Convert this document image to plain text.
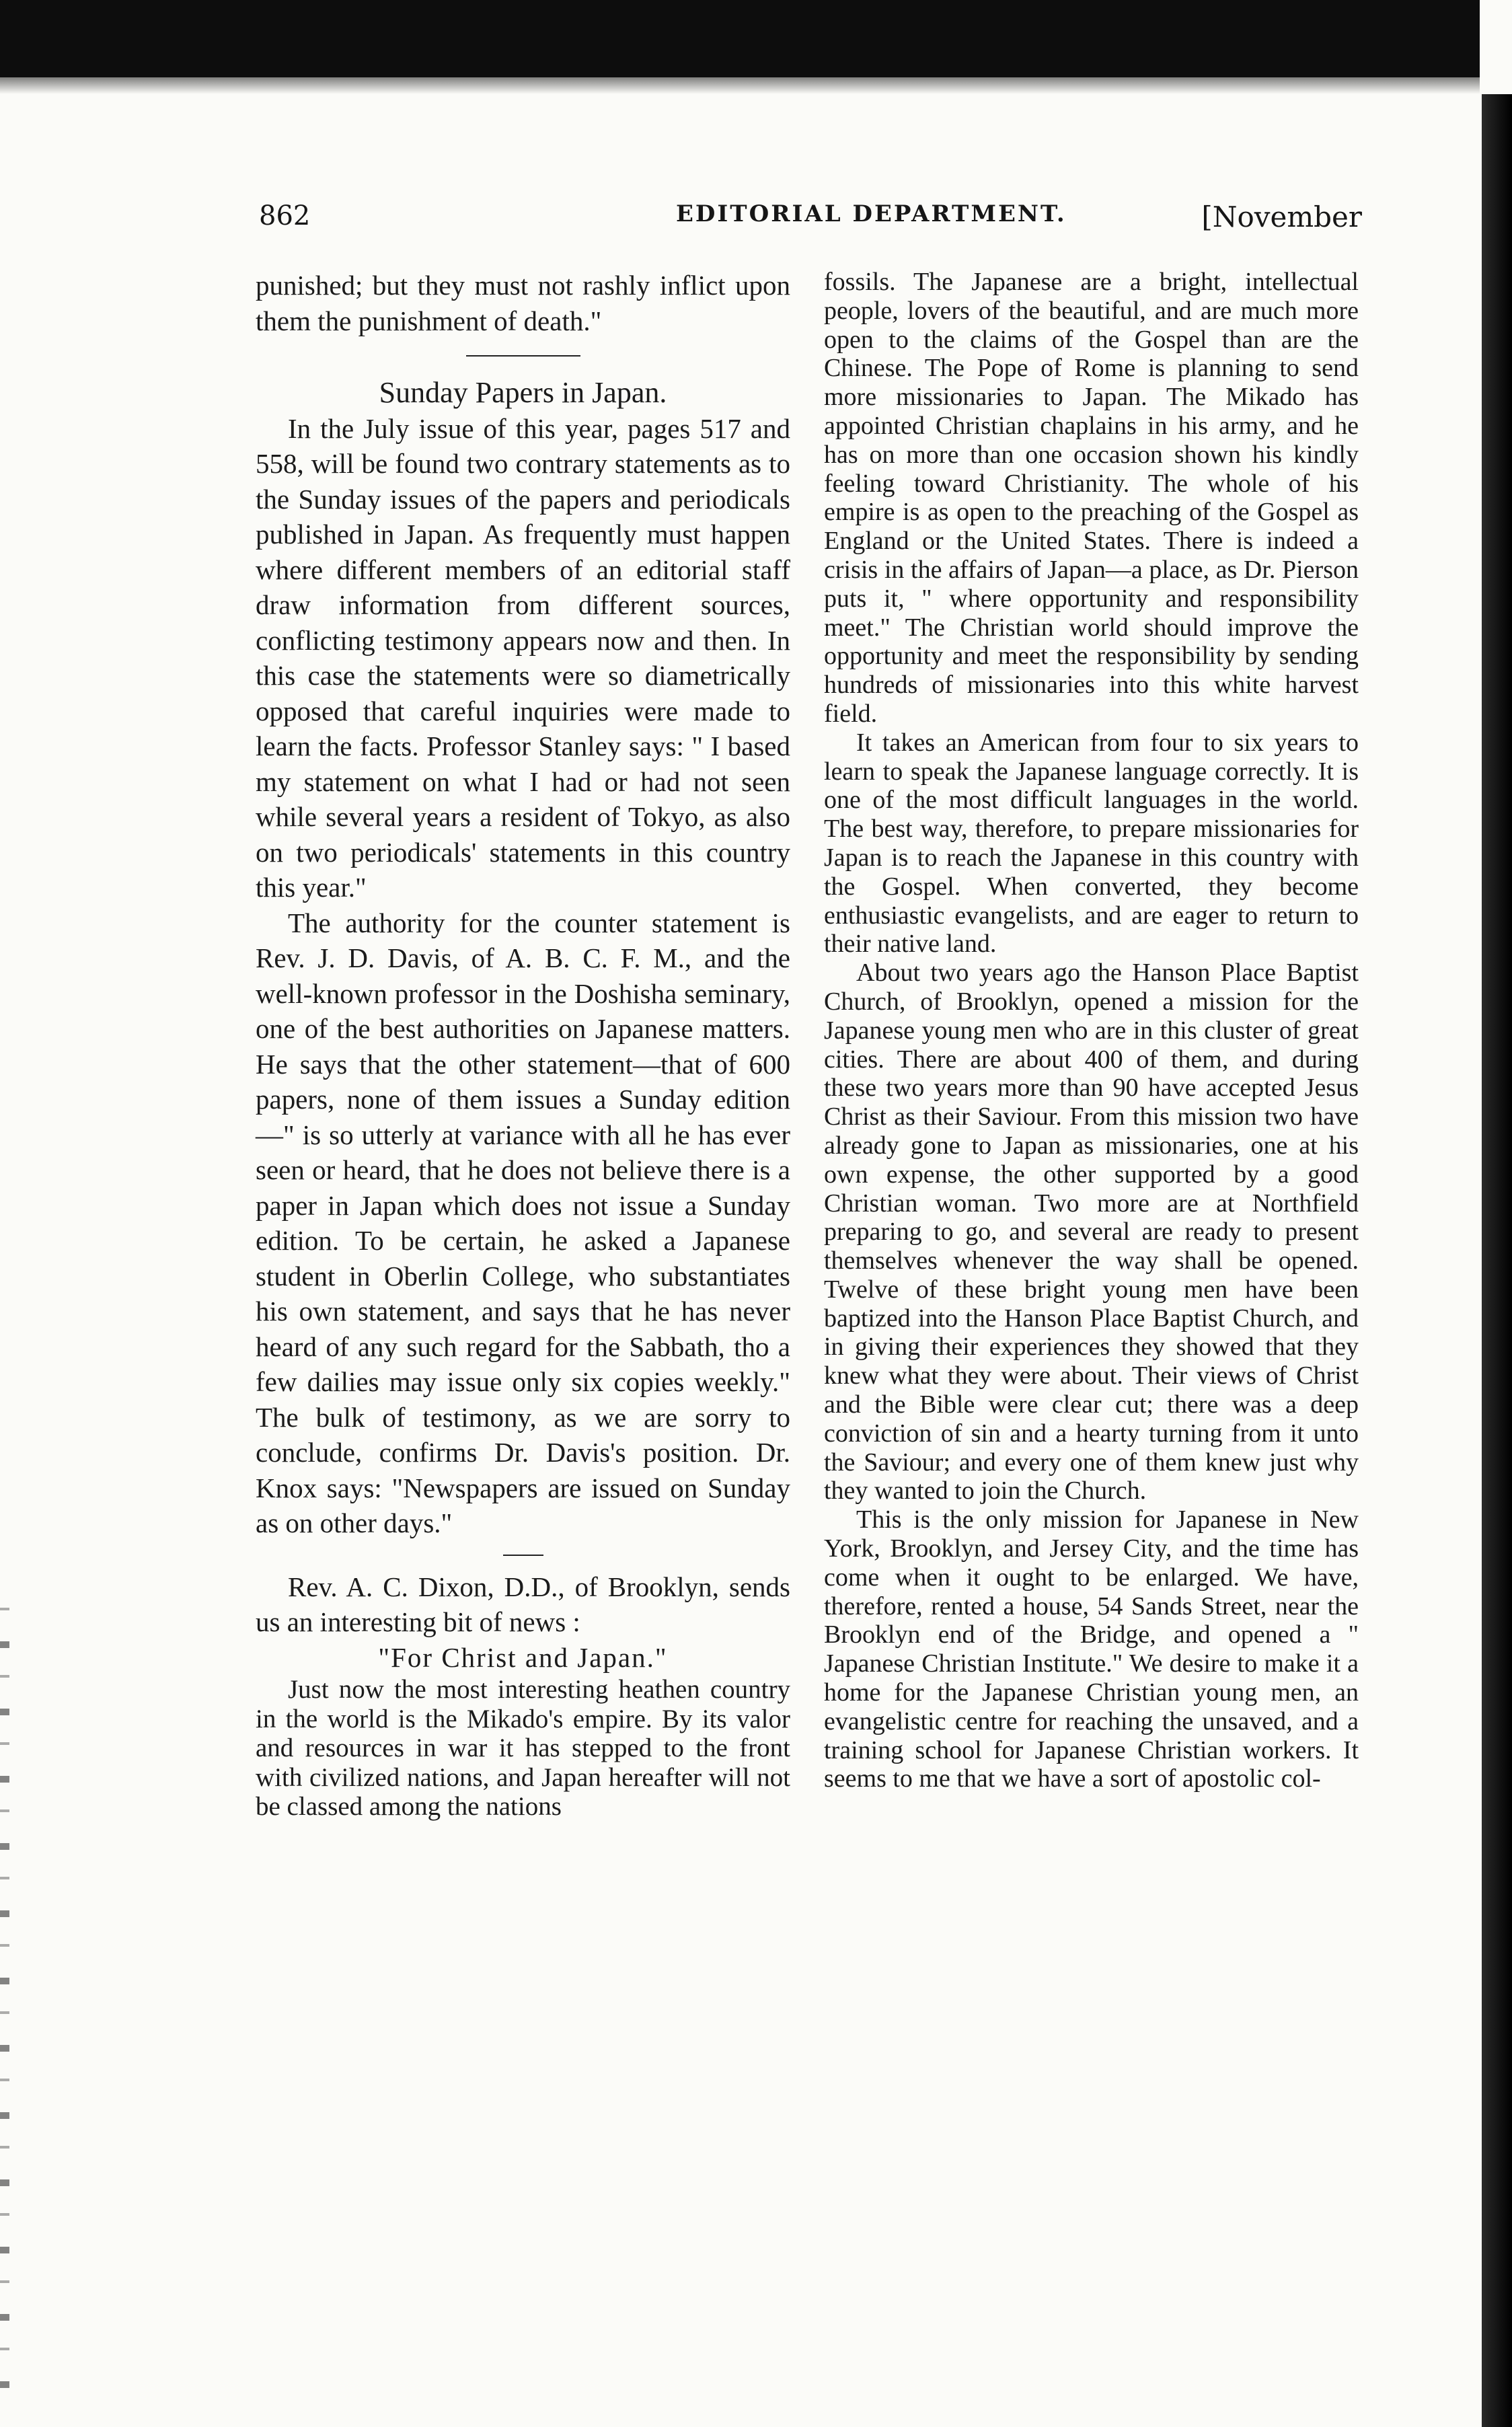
862	EDITORIAL DEPARTMENT.	[November

punished; but they must not rashly inflict upon them the punishment of death."

Sunday Papers in Japan.

In the July issue of this year, pages 517 and 558, will be found two contrary statements as to the Sunday issues of the papers and periodicals published in Japan. As frequently must happen where different members of an editorial staff draw information from different sources, conflicting testimony appears now and then. In this case the statements were so diametrically opposed that careful inquiries were made to learn the facts. Professor Stanley says: " I based my statement on what I had or had not seen while several years a resident of Tokyo, as also on two periodicals' statements in this country this year."

The authority for the counter statement is Rev. J. D. Davis, of A. B. C. F. M., and the well-known professor in the Doshisha seminary, one of the best authorities on Japanese matters. He says that the other statement—that of 600 papers, none of them issues a Sunday edition—" is so utterly at variance with all he has ever seen or heard, that he does not believe there is a paper in Japan which does not issue a Sunday edition. To be certain, he asked a Japanese student in Oberlin College, who substantiates his own statement, and says that he has never heard of any such regard for the Sabbath, tho a few dailies may issue only six copies weekly." The bulk of testimony, as we are sorry to conclude, confirms Dr. Davis's position. Dr. Knox says: "Newspapers are issued on Sunday as on other days."

Rev. A. C. Dixon, D.D., of Brooklyn, sends us an interesting bit of news :

"For Christ and Japan."

Just now the most interesting heathen country in the world is the Mikado's empire. By its valor and resources in war it has stepped to the front with civilized nations, and Japan hereafter will not be classed among the nations

fossils. The Japanese are a bright, intellectual people, lovers of the beautiful, and are much more open to the claims of the Gospel than are the Chinese. The Pope of Rome is planning to send more missionaries to Japan. The Mikado has appointed Christian chaplains in his army, and he has on more than one occasion shown his kindly feeling toward Christianity. The whole of his empire is as open to the preaching of the Gospel as England or the United States. There is indeed a crisis in the affairs of Japan—a place, as Dr. Pierson puts it, " where opportunity and responsibility meet." The Christian world should improve the opportunity and meet the responsibility by sending hundreds of missionaries into this white harvest field.

It takes an American from four to six years to learn to speak the Japanese language correctly. It is one of the most difficult languages in the world. The best way, therefore, to prepare missionaries for Japan is to reach the Japanese in this country with the Gospel. When converted, they become enthusiastic evangelists, and are eager to return to their native land.

About two years ago the Hanson Place Baptist Church, of Brooklyn, opened a mission for the Japanese young men who are in this cluster of great cities. There are about 400 of them, and during these two years more than 90 have accepted Jesus Christ as their Saviour. From this mission two have already gone to Japan as missionaries, one at his own expense, the other supported by a good Christian woman. Two more are at Northfield preparing to go, and several are ready to present themselves whenever the way shall be opened. Twelve of these bright young men have been baptized into the Hanson Place Baptist Church, and in giving their experiences they showed that they knew what they were about. Their views of Christ and the Bible were clear cut; there was a deep conviction of sin and a hearty turning from it unto the Saviour; and every one of them knew just why they wanted to join the Church.

This is the only mission for Japanese in New York, Brooklyn, and Jersey City, and the time has come when it ought to be enlarged. We have, therefore, rented a house, 54 Sands Street, near the Brooklyn end of the Bridge, and opened a " Japanese Christian Institute." We desire to make it a home for the Japanese Christian young men, an evangelistic centre for reaching the unsaved, and a training school for Japanese Christian workers. It seems to me that we have a sort of apostolic col-
